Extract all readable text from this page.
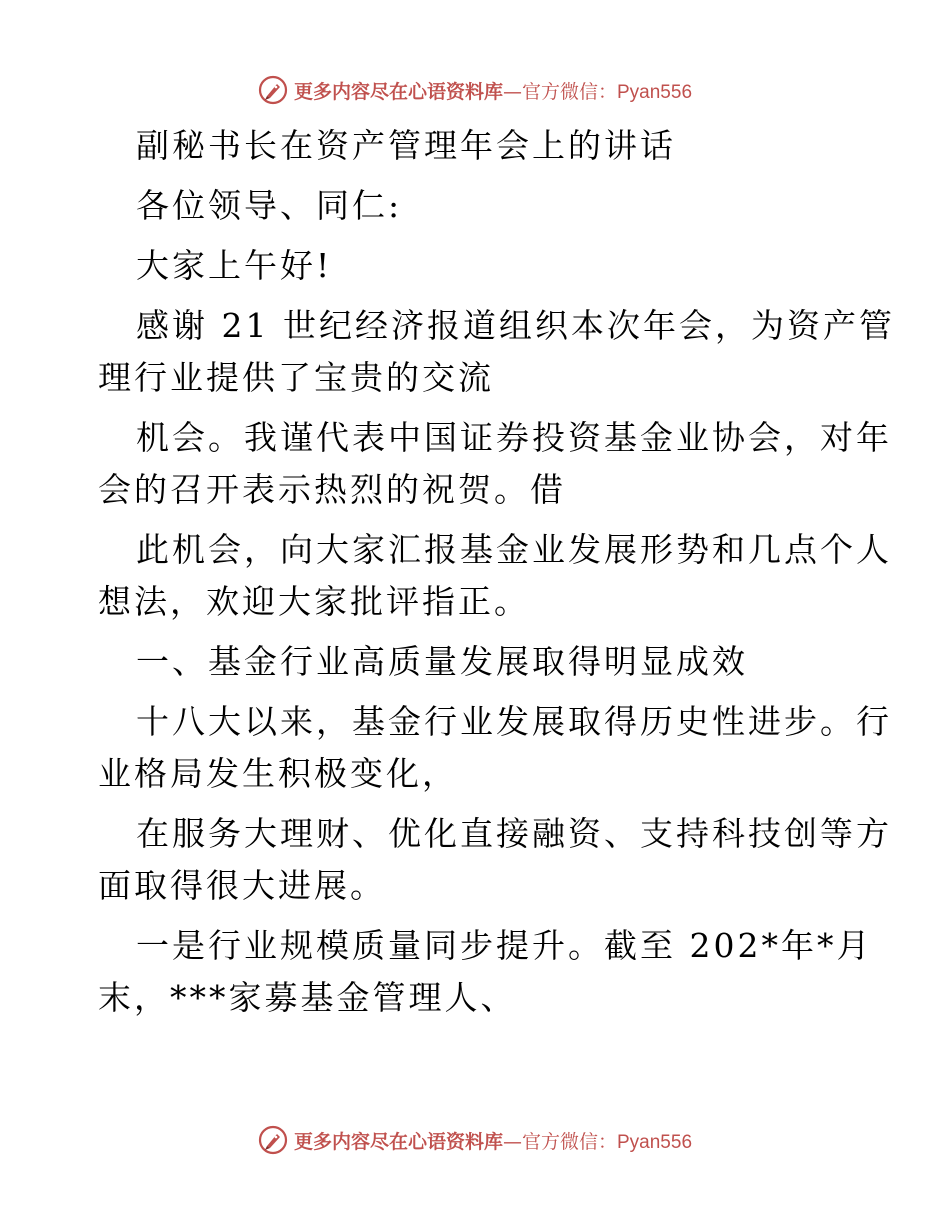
更多内容尽在心语资料库—官方微信：Pyan556
副秘书长在资产管理年会上的讲话
各位领导、同仁:
大家上午好!
感谢 21 世纪经济报道组织本次年会，为资产管
理行业提供了宝贵的交流
机会。我谨代表中国证券投资基金业协会，对年
会的召开表示热烈的祝贺。借
此机会，向大家汇报基金业发展形势和几点个人
想法，欢迎大家批评指正。
一、基金行业高质量发展取得明显成效
十八大以来，基金行业发展取得历史性进步。行
业格局发生积极变化，
在服务大理财、优化直接融资、支持科技创等方
面取得很大进展。
一是行业规模质量同步提升。截至 202*年*月
末，***家募基金管理人、
更多内容尽在心语资料库—官方微信：Pyan556
